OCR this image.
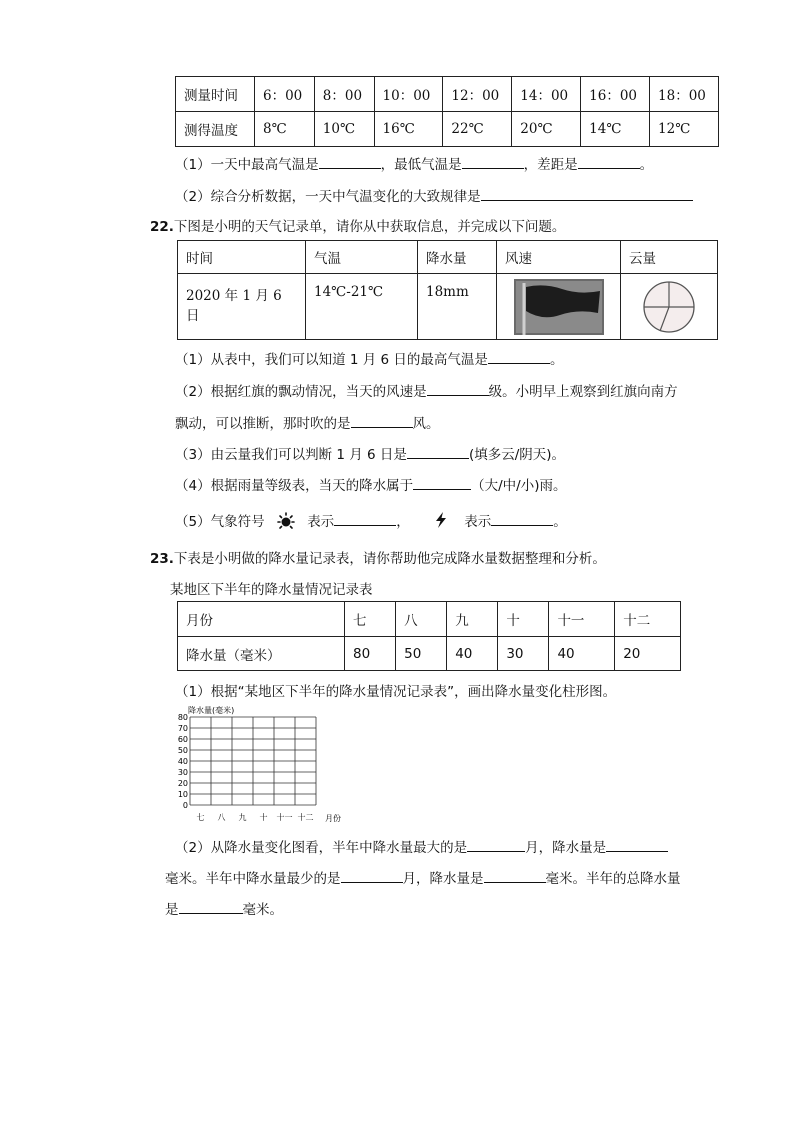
测量时间	6：00	8：00	10：00	12：00	14：00	16：00	18：00
测得温度	8℃	10℃	16℃	22℃	20℃	14℃	12℃
（1）一天中最高气温是	，最低气温是	，差距是	。
（2）综合分析数据，一天中气温变化的大致规律是
22.下图是小明的天气记录单，请你从中获取信息，并完成以下问题。
时间	气温	降水量	风速	云量
2020 年 1 月 6 日	14℃-21℃	18mm	

（1）从表中，我们可以知道 1 月 6 日的最高气温是	。
（2）根据红旗的飘动情况，当天的风速是	级。小明早上观察到红旗向南方
飘动，可以推断，那时吹的是	风。
（3）由云量我们可以判断 1 月 6 日是	(填多云/阴天)。
（4）根据雨量等级表，当天的降水属于	（大/中/小)雨。
（5）气象符号	表示	，	表示	。
23.下表是小明做的降水量记录表，请你帮助他完成降水量数据整理和分析。
某地区下半年的降水量情况记录表
月份	七	八	九	十	十一	十二
降水量（毫米）	80	50	40	30	40	20
（1）根据“某地区下半年的降水量情况记录表”，画出降水量变化柱形图。
降水量(毫米)
80
70
60
50
40
30
20
10
0
七 八 九 十 十一 十二 月份
（2）从降水量变化图看，半年中降水量最大的是	月，降水量是
毫米。半年中降水量最少的是	月，降水量是	毫米。半年的总降水量
是	毫米。
